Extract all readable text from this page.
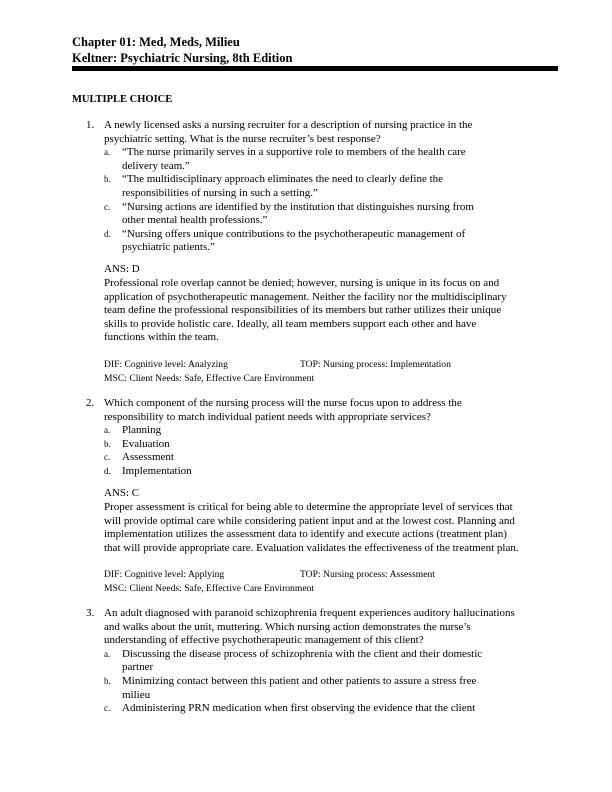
Chapter 01: Med, Meds, Milieu
Keltner: Psychiatric Nursing, 8th Edition
MULTIPLE CHOICE
1. A newly licensed asks a nursing recruiter for a description of nursing practice in the
psychiatric setting. What is the nurse recruiter’s best response?
a. “The nurse primarily serves in a supportive role to members of the health care
delivery team.”
b. “The multidisciplinary approach eliminates the need to clearly define the
responsibilities of nursing in such a setting.”
c. “Nursing actions are identified by the institution that distinguishes nursing from
other mental health professions.”
d. “Nursing offers unique contributions to the psychotherapeutic management of
psychiatric patients.”
ANS: D
Professional role overlap cannot be denied; however, nursing is unique in its focus on and
application of psychotherapeutic management. Neither the facility nor the multidisciplinary
team define the professional responsibilities of its members but rather utilizes their unique
skills to provide holistic care. Ideally, all team members support each other and have
functions within the team.
DIF: Cognitive level: Analyzing	TOP: Nursing process: Implementation
MSC: Client Needs: Safe, Effective Care Environment
2. Which component of the nursing process will the nurse focus upon to address the
responsibility to match individual patient needs with appropriate services?
a. Planning
b. Evaluation
c. Assessment
d. Implementation
ANS: C
Proper assessment is critical for being able to determine the appropriate level of services that
will provide optimal care while considering patient input and at the lowest cost. Planning and
implementation utilizes the assessment data to identify and execute actions (treatment plan)
that will provide appropriate care. Evaluation validates the effectiveness of the treatment plan.
DIF: Cognitive level: Applying	TOP: Nursing process: Assessment
MSC: Client Needs: Safe, Effective Care Environment
3. An adult diagnosed with paranoid schizophrenia frequent experiences auditory hallucinations
and walks about the unit, muttering. Which nursing action demonstrates the nurse’s
understanding of effective psychotherapeutic management of this client?
a. Discussing the disease process of schizophrenia with the client and their domestic
partner
b. Minimizing contact between this patient and other patients to assure a stress free
milieu
c. Administering PRN medication when first observing the evidence that the client
